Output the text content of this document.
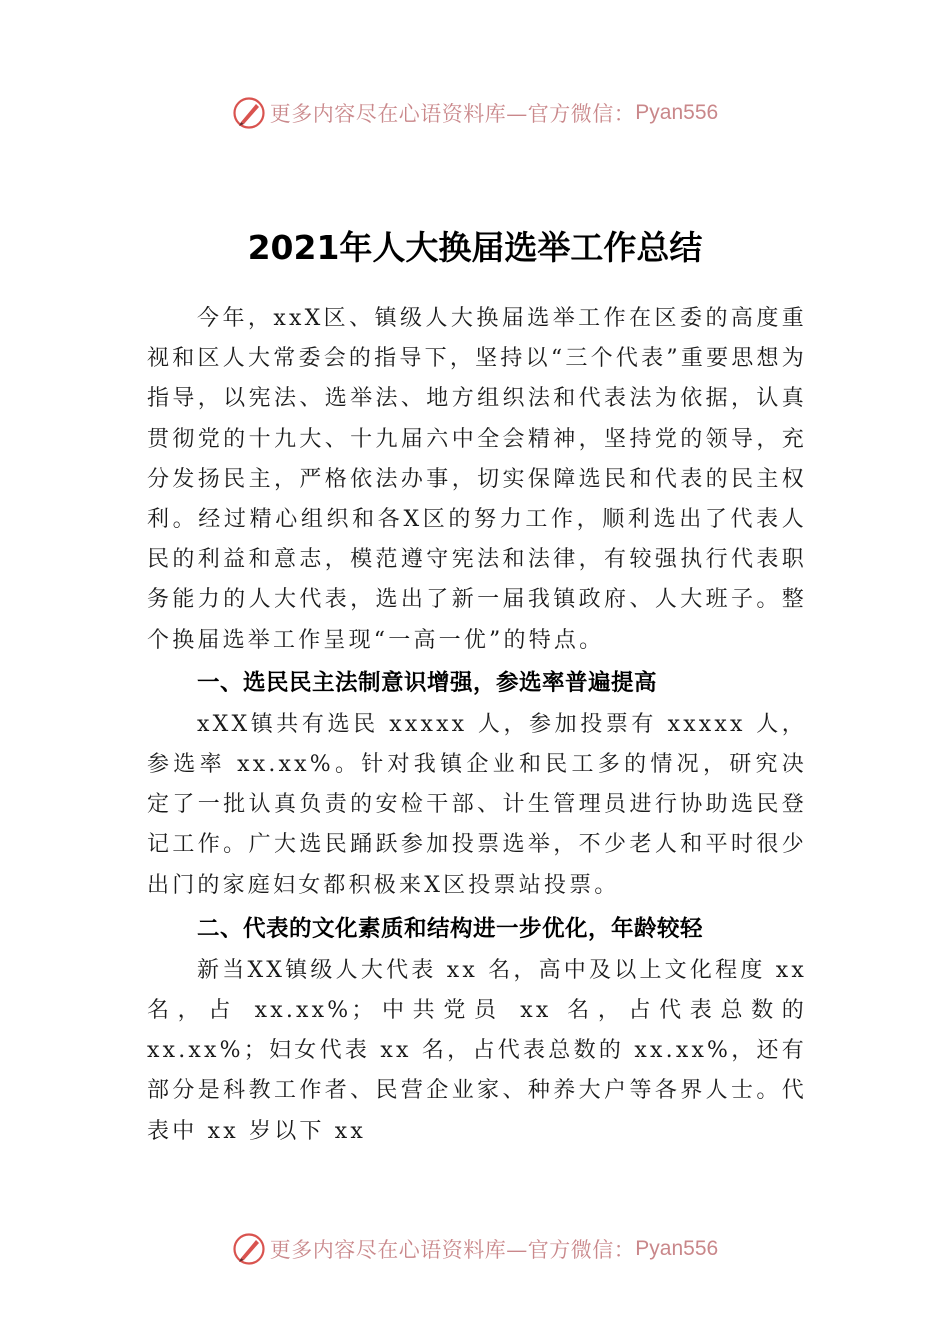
更多内容尽在心语资料库—官方微信： Pyan556
2021年人大换届选举工作总结

今年，xxX区、镇级人大换届选举工作在区委的高度重视和区人大常委会的指导下，坚持以“三个代表”重要思想为指导，以宪法、选举法、地方组织法和代表法为依据，认真贯彻党的十九大、十九届六中全会精神，坚持党的领导，充分发扬民主，严格依法办事，切实保障选民和代表的民主权利。经过精心组织和各X区的努力工作，顺利选出了代表人民的利益和意志，模范遵守宪法和法律，有较强执行代表职务能力的人大代表，选出了新一届我镇政府、人大班子。整个换届选举工作呈现“一高一优”的特点。

一、选民民主法制意识增强，参选率普遍提高

xXX镇共有选民 xxxxx 人，参加投票有 xxxxx 人，参选率 xx.xx%。针对我镇企业和民工多的情况，研究决定了一批认真负责的安检干部、计生管理员进行协助选民登记工作。广大选民踊跃参加投票选举，不少老人和平时很少出门的家庭妇女都积极来X区投票站投票。

二、代表的文化素质和结构进一步优化，年龄较轻

新当XX镇级人大代表 xx 名，高中及以上文化程度 xx 名，占 xx.xx%；中共党员 xx 名，占代表总数的 xx.xx%；妇女代表 xx 名，占代表总数的 xx.xx%，还有部分是科教工作者、民营企业家、种养大户等各界人士。代表中 xx 岁以下 xx

更多内容尽在心语资料库—官方微信： Pyan556
